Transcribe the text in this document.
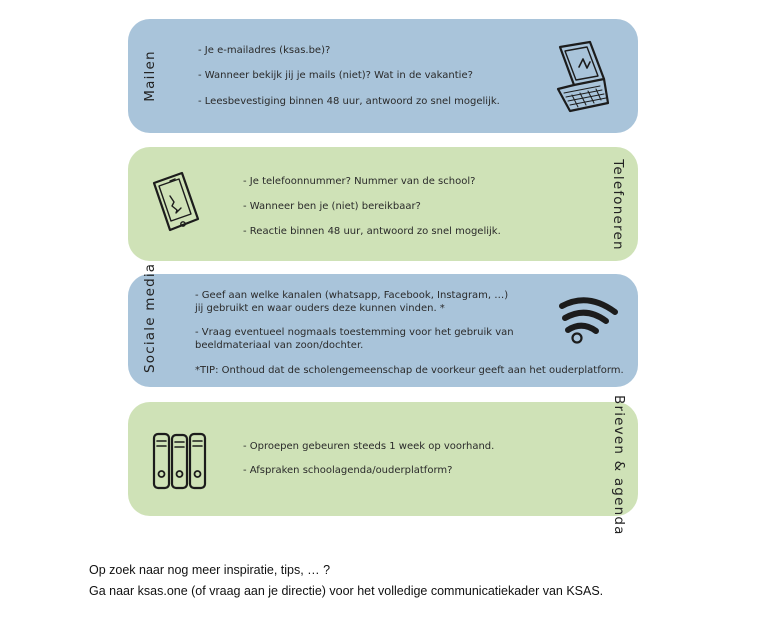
Mailen	- Je e-mailadres (ksas.be)?
- Wanneer bekijk jij je mails (niet)? Wat in de vakantie?
- Leesbevestiging binnen 48 uur, antwoord zo snel mogelijk.
- Je telefoonnummer? Nummer van de school?
- Wanneer ben je (niet) bereikbaar?
- Reactie binnen 48 uur, antwoord zo snel mogelijk.	Telefoneren
Sociale media	- Geef aan welke kanalen (whatsapp, Facebook, Instagram, …)
jij gebruikt en waar ouders deze kunnen vinden. *
- Vraag eventueel nogmaals toestemming voor het gebruik van
beeldmateriaal van zoon/dochter.
*TIP: Onthoud dat de scholengemeenschap de voorkeur geeft aan het ouderplatform.
- Oproepen gebeuren steeds 1 week op voorhand.
- Afspraken schoolagenda/ouderplatform?	Brieven & agenda
Op zoek naar nog meer inspiratie, tips, … ?
Ga naar ksas.one (of vraag aan je directie) voor het volledige communicatiekader van KSAS.
